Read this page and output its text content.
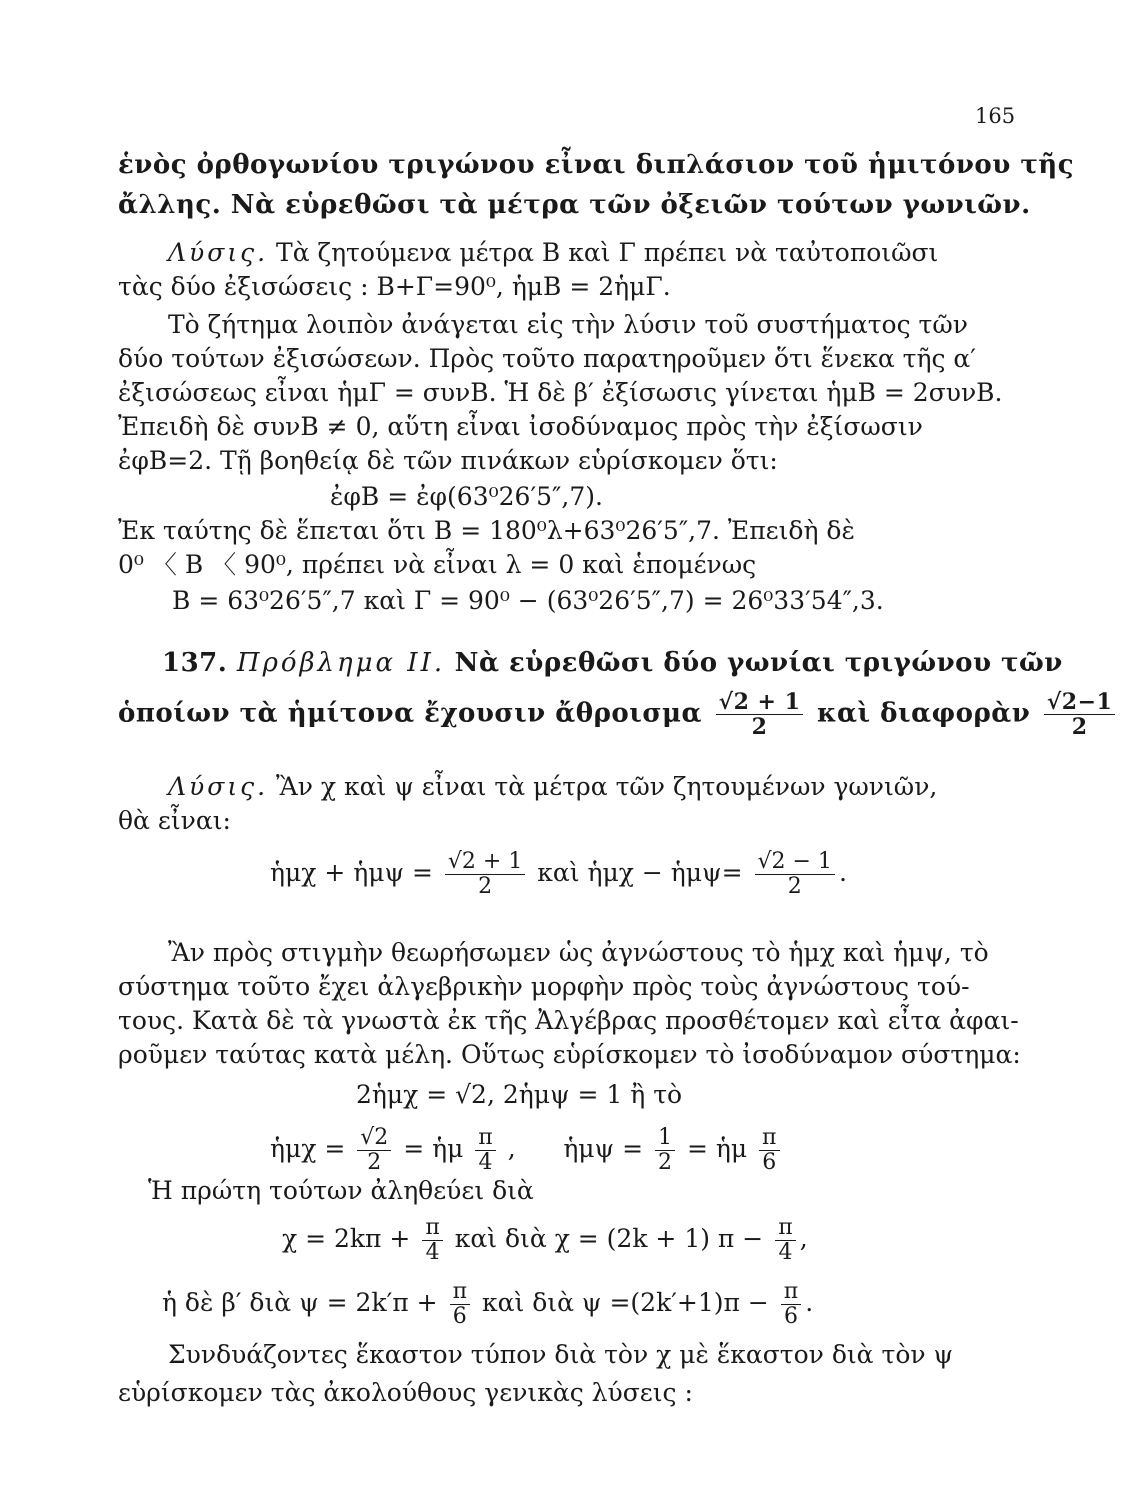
165
ἑνὸς ὀρθογωνίου τριγώνου εἶναι διπλάσιον τοῦ ἡμιτόνου τῆς
ἄλλης. Νὰ εὑρεθῶσι τὰ μέτρα τῶν ὀξειῶν τούτων γωνιῶν.
Λύσις. Τὰ ζητούμενα μέτρα Β καὶ Γ πρέπει νὰ ταὐτοποιῶσι
τὰς δύο ἐξισώσεις : Β+Γ=90⁰, ἡμΒ = 2ἡμΓ.
Τὸ ζήτημα λοιπὸν ἀνάγεται εἰς τὴν λύσιν τοῦ συστήματος τῶν
δύο τούτων ἐξισώσεων. Πρὸς τοῦτο παρατηροῦμεν ὅτι ἕνεκα τῆς α′
ἐξισώσεως εἶναι ἡμΓ = συνΒ. Ἡ δὲ β′ ἐξίσωσις γίνεται ἡμΒ = 2συνΒ.
Ἐπειδὴ δὲ συνΒ ≠ 0, αὕτη εἶναι ἰσοδύναμος πρὸς τὴν ἐξίσωσιν
ἐφΒ=2. Τῇ βοηθείᾳ δὲ τῶν πινάκων εὑρίσκομεν ὅτι:
ἐφΒ = ἐφ(63⁰26′5″,7).
Ἐκ ταύτης δὲ ἕπεται ὅτι Β = 180⁰λ+63⁰26′5″,7. Ἐπειδὴ δὲ
0⁰ 〈 Β 〈 90⁰, πρέπει νὰ εἶναι λ = 0 καὶ ἑπομένως
Β = 63⁰26′5″,7 καὶ Γ = 90⁰ − (63⁰26′5″,7) = 26⁰33′54″,3.
137. Πρόβλημα ΙΙ. Νὰ εὑρεθῶσι δύο γωνίαι τριγώνου τῶν
ὁποίων τὰ ἡμίτονα ἔχουσιν ἄθροισμα $\frac{√2 + 1}{2}$ καὶ διαφορὰν $\frac{√2-1}{2}$
Λύσις. Ἂν χ καὶ ψ εἶναι τὰ μέτρα τῶν ζητουμένων γωνιῶν,
θὰ εἶναι:
ἡμχ + ἡμψ = $\frac{√2 + 1}{2}$ καὶ ἡμχ − ἡμψ= $\frac{√2 - 1}{2}$ .
Ἂν πρὸς στιγμὴν θεωρήσωμεν ὡς ἀγνώστους τὸ ἡμχ καὶ ἡμψ, τὸ
σύστημα τοῦτο ἔχει ἀλγεβρικὴν μορφὴν πρὸς τοὺς ἀγνώστους τού-
τους. Κατὰ δὲ τὰ γνωστὰ ἐκ τῆς Ἀλγέβρας προσθέτομεν καὶ εἶτα ἀφαι-
ροῦμεν ταύτας κατὰ μέλη. Οὕτως εὑρίσκομεν τὸ ἰσοδύναμον σύστημα:
2ἡμχ = √2, 2ἡμψ = 1 ἢ τὸ
ἡμχ = $\frac{√2}{2}$ = ἡμ $\frac{\pi}{4}$ ,      ἡμψ = $\frac{1}{2}$ = ἡμ $\frac{\pi}{6}$
Ἡ πρώτη τούτων ἀληθεύει διὰ
$\chi = 2k\pi + \frac{\pi}{4}$ καὶ διὰ χ = (2k + 1) $\pi - \frac{\pi}{4}$ ,
ἡ δὲ β′ διὰ $\psi = 2k'\pi + \frac{\pi}{6}$ καὶ διὰ $\psi =(2k'+1)\pi - \frac{\pi}{6}$ .
Συνδυάζοντες ἕκαστον τύπον διὰ τὸν χ μὲ ἕκαστον διὰ τὸν ψ
εὑρίσκομεν τὰς ἀκολούθους γενικὰς λύσεις :
